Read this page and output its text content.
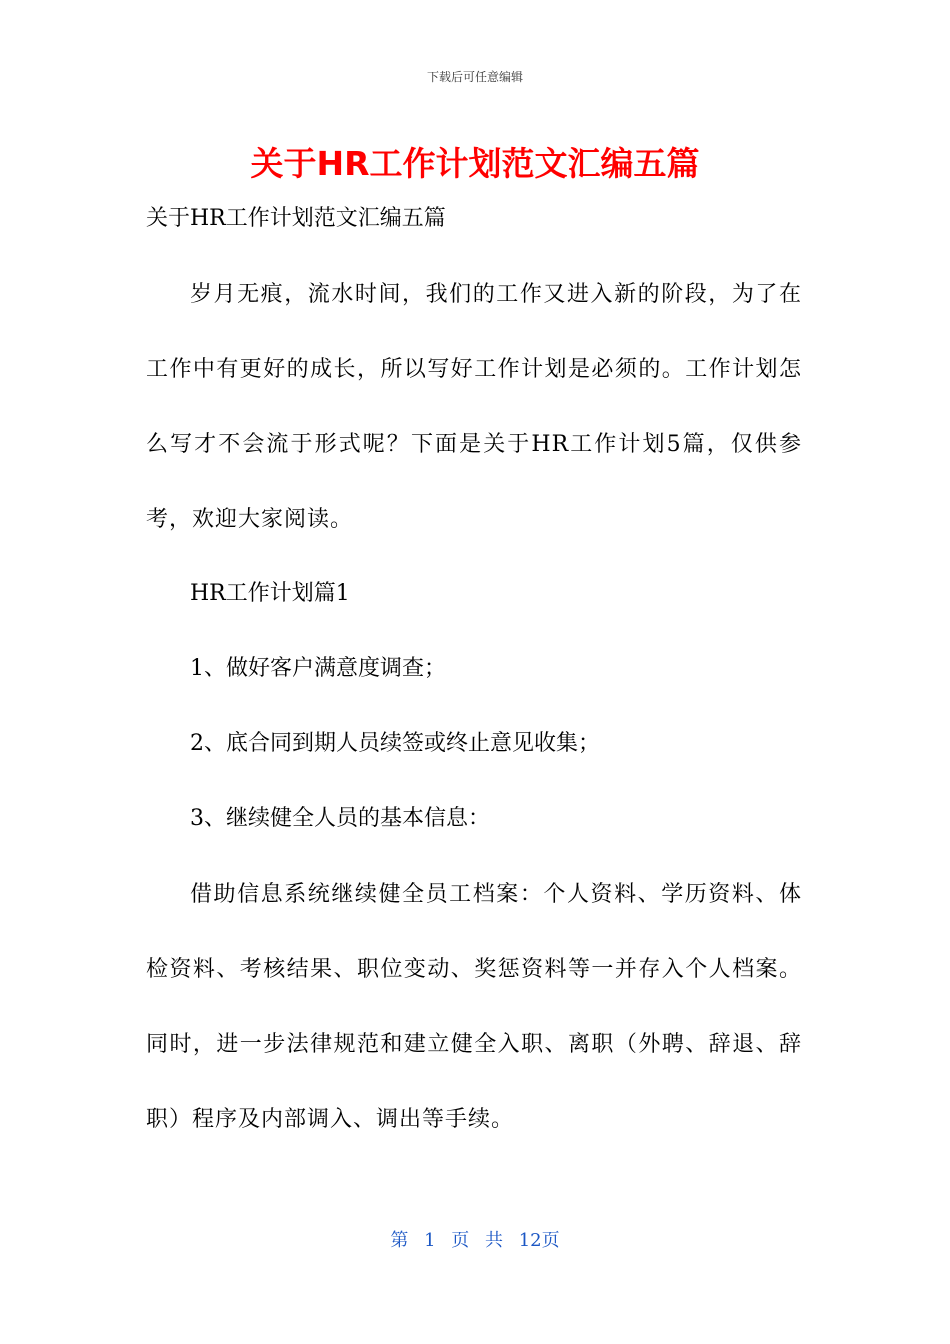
下载后可任意编辑
关于HR工作计划范文汇编五篇

关于HR工作计划范文汇编五篇

岁月无痕，流水时间，我们的工作又进入新的阶段，为了在工作中有更好的成长，所以写好工作计划是必须的。工作计划怎么写才不会流于形式呢？下面是关于HR工作计划5篇，仅供参考，欢迎大家阅读。

HR工作计划篇1

1、做好客户满意度调查；

2、底合同到期人员续签或终止意见收集；

3、继续健全人员的基本信息：

借助信息系统继续健全员工档案：个人资料、学历资料、体检资料、考核结果、职位变动、奖惩资料等一并存入个人档案。同时，进一步法律规范和建立健全入职、离职（外聘、辞退、辞职）程序及内部调入、调出等手续。

第 1 页 共 12页
